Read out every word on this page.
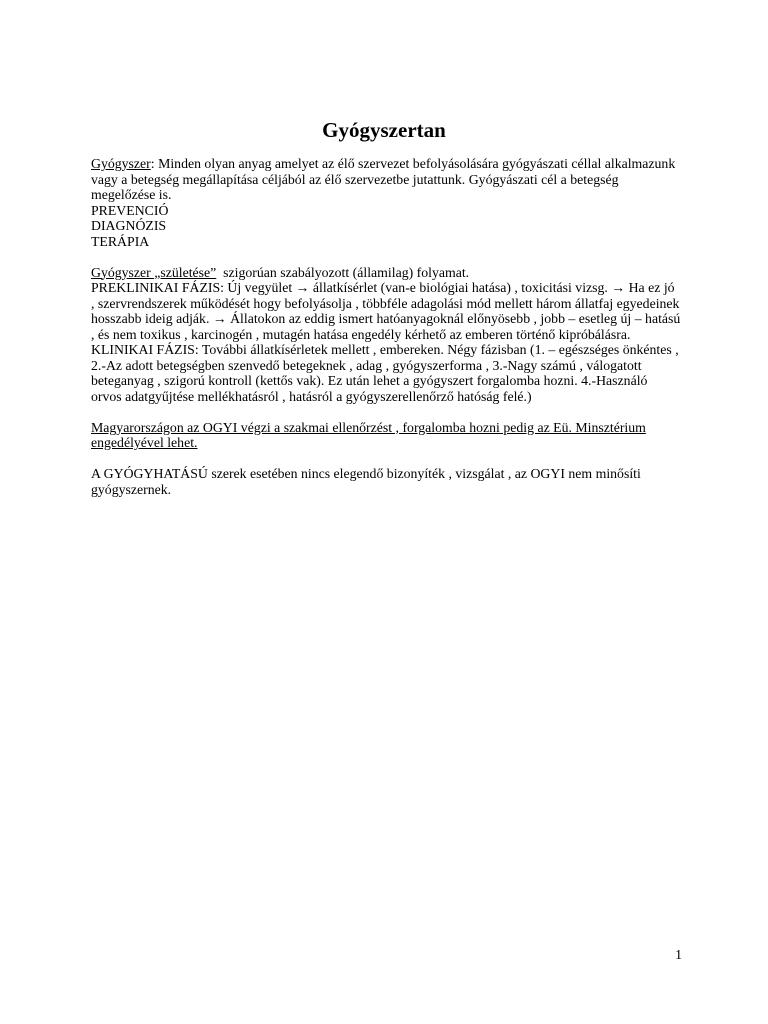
Gyógyszertan

Gyógyszer: Minden olyan anyag amelyet az élő szervezet befolyásolására gyógyászati céllal alkalmazunk vagy a betegség megállapítása céljából az élő szervezetbe jutattunk. Gyógyászati cél a betegség megelőzése is.

PREVENCIÓ

DIAGNÓZIS

TERÁPIA

Gyógyszer „születése”  szigorúan szabályozott (államilag) folyamat.

PREKLINIKAI FÁZIS: Új vegyület → állatkísérlet (van-e biológiai hatása) , toxicitási vizsg. → Ha ez jó , szervrendszerek működését hogy befolyásolja , többféle adagolási mód mellett három állatfaj egyedeinek hosszabb ideig adják. → Állatokon az eddig ismert hatóanyagoknál előnyösebb , jobb – esetleg új – hatású , és nem toxikus , karcinogén , mutagén hatása engedély kérhető az emberen történő kipróbálásra.

KLINIKAI FÁZIS: További állatkísérletek mellett , embereken. Négy fázisban (1. – egészséges önkéntes , 2.-Az adott betegségben szenvedő betegeknek , adag , gyógyszerforma , 3.-Nagy számú , válogatott beteganyag , szigorú kontroll (kettős vak). Ez után lehet a gyógyszert forgalomba hozni. 4.-Használó orvos adatgyűjtése mellékhatásról , hatásról a gyógyszerellenőrző hatóság felé.)

Magyarországon az OGYI végzi a szakmai ellenőrzést , forgalomba hozni pedig az Eü. Minsztérium engedélyével lehet.

A GYÓGYHATÁSÚ szerek esetében nincs elegendő bizonyíték , vizsgálat , az OGYI nem minősíti gyógyszernek.

1
